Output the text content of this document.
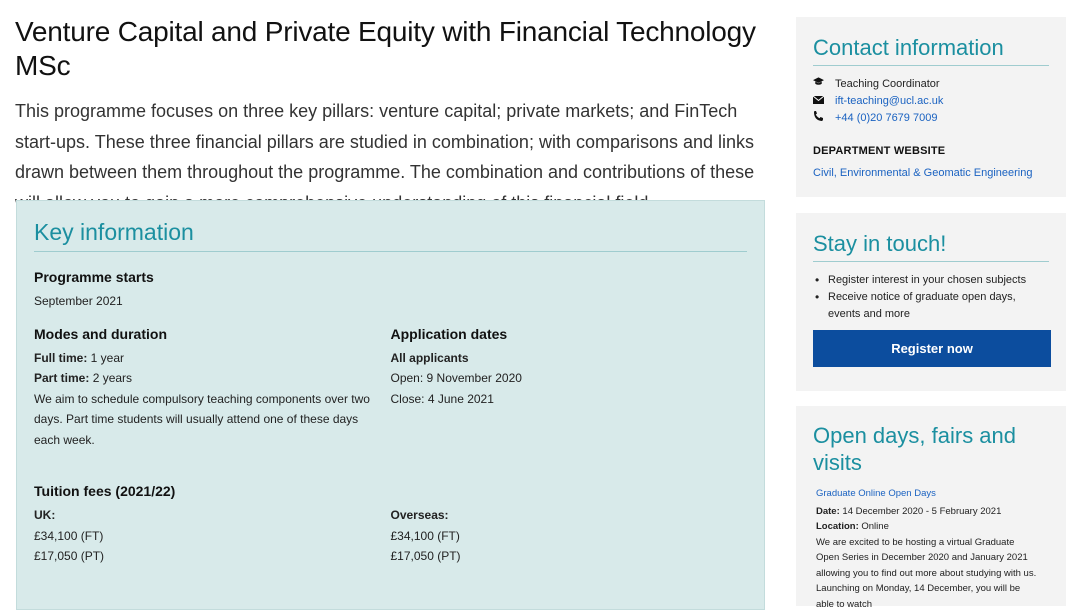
Venture Capital and Private Equity with Financial Technology MSc

This programme focuses on three key pillars: venture capital; private markets; and FinTech start-ups. These three financial pillars are studied in combination; with comparisons and links drawn between them throughout the programme. The combination and contributions of these

Key information
Programme starts
September 2021
Modes and duration
Full time: 1 year
Part time: 2 years
We aim to schedule compulsory teaching components over two days. Part time students will usually attend one of these days each week.
Application dates
All applicants
Open: 9 November 2020
Close: 4 June 2021
Tuition fees (2021/22)
UK:
£34,100 (FT)
£17,050 (PT)
Overseas:
£34,100 (FT)
£17,050 (PT)
Contact information
Teaching Coordinator
ift-teaching@ucl.ac.uk
+44 (0)20 7679 7009
DEPARTMENT WEBSITE
Civil, Environmental & Geomatic Engineering
Stay in touch!
• Register interest in your chosen subjects
• Receive notice of graduate open days, events and more
Register now
Open days, fairs and visits
Graduate Online Open Days
Date: 14 December 2020 - 5 February 2021
Location: Online
We are excited to be hosting a virtual Graduate Open Series in December 2020 and January 2021 allowing you to find out more about studying with us. Launching on Monday, 14 December, you will be able to watch
